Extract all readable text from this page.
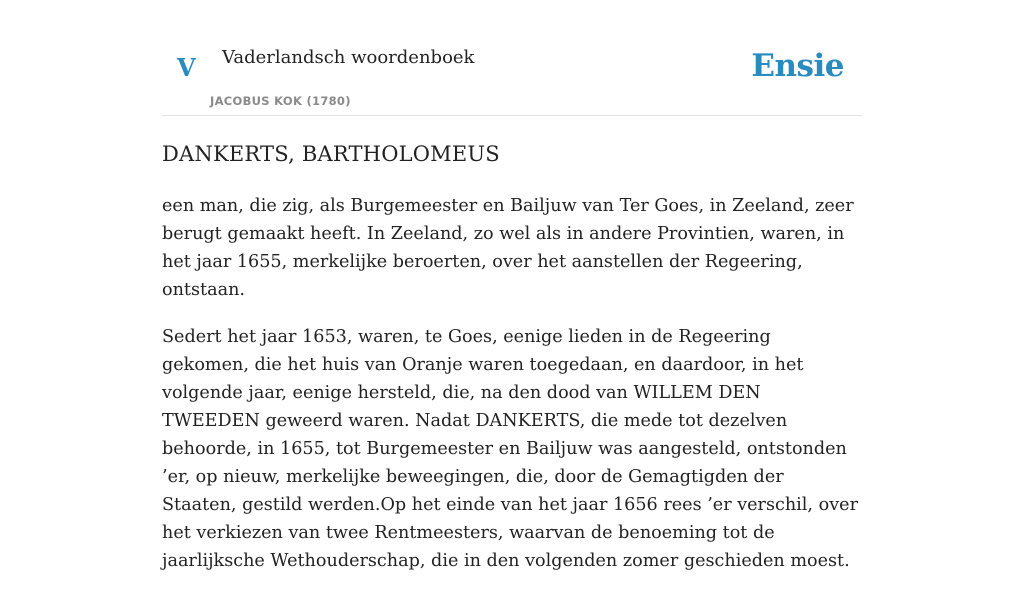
V Vaderlandsch woordenboek
JACOBUS KOK (1780)
Ensie
DANKERTS, BARTHOLOMEUS

een man, die zig, als Burgemeester en Bailjuw van Ter Goes, in Zeeland, zeer berugt gemaakt heeft. In Zeeland, zo wel als in andere Provintien, waren, in het jaar 1655, merkelijke beroerten, over het aanstellen der Regeering, ontstaan.

Sedert het jaar 1653, waren, te Goes, eenige lieden in de Regeering gekomen, die het huis van Oranje waren toegedaan, en daardoor, in het volgende jaar, eenige hersteld, die, na den dood van WILLEM DEN TWEEDEN geweerd waren. Nadat DANKERTS, die mede tot dezelven behoorde, in 1655, tot Burgemeester en Bailjuw was aangesteld, ontstonden ’er, op nieuw, merkelijke beweegingen, die, door de Gemagtigden der Staaten, gestild werden.Op het einde van het jaar 1656 rees ’er verschil, over het verkiezen van twee Rentmeesters, waarvan de benoeming tot de jaarlijksche Wethouderschap, die in den volgenden zomer geschieden moest.
